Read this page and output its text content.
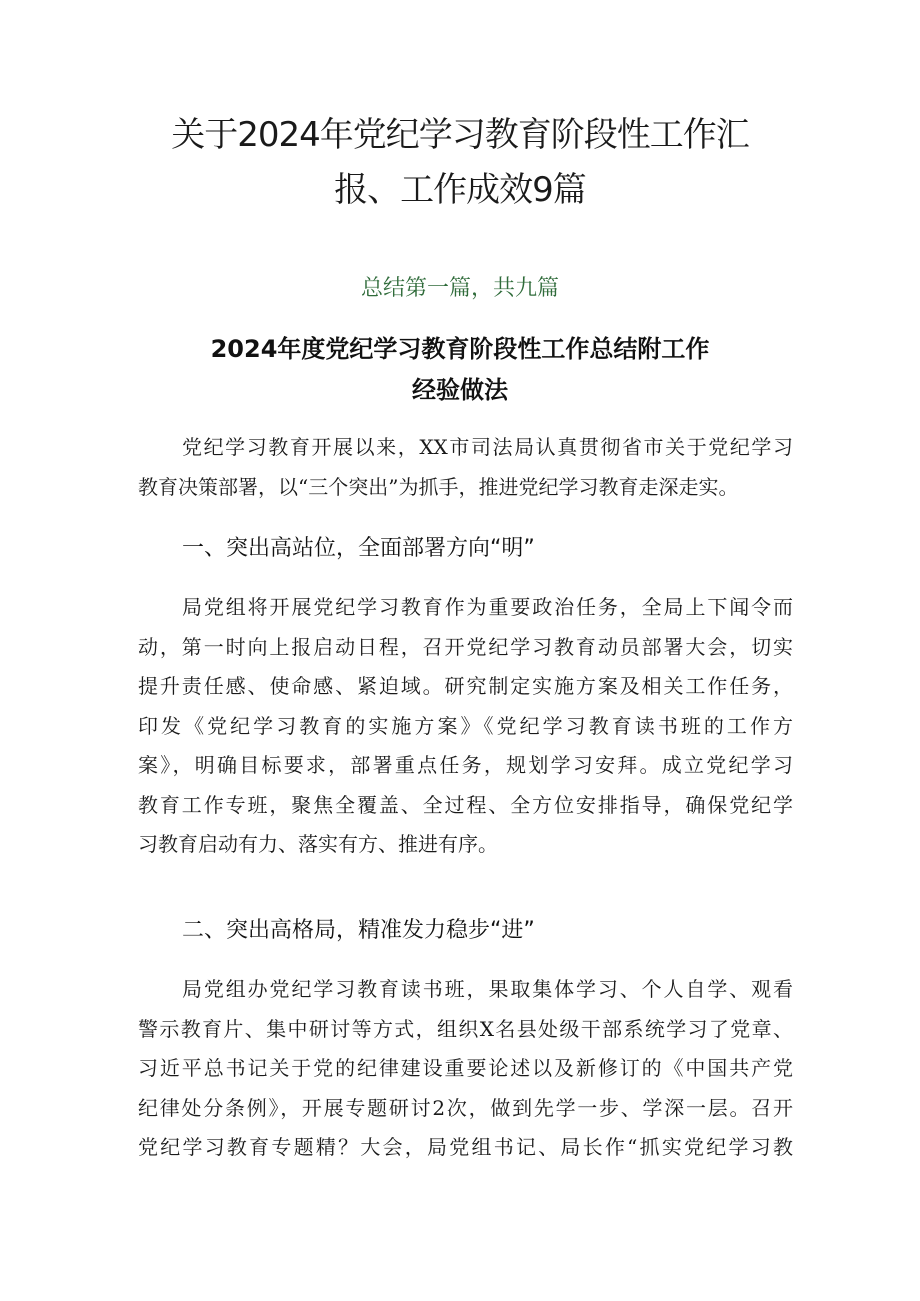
关于2024年党纪学习教育阶段性工作汇
报、工作成效9篇
总结第一篇，共九篇
2024年度党纪学习教育阶段性工作总结附工作
经验做法
党纪学习教育开展以来，XX市司法局认真贯彻省市关于党纪学习
教育决策部署，以“三个突出”为抓手，推进党纪学习教育走深走实。
一、突出高站位，全面部署方向“明”
局党组将开展党纪学习教育作为重要政治任务，全局上下闻令而
动，第一时向上报启动日程，召开党纪学习教育动员部署大会，切实
提升责任感、使命感、紧迫域。研究制定实施方案及相关工作任务，
印发《党纪学习教育的实施方案》《党纪学习教育读书班的工作方
案》，明确目标要求，部署重点任务，规划学习安拜。成立党纪学习
教育工作专班，聚焦全覆盖、全过程、全方位安排指导，确保党纪学
习教育启动有力、落实有方、推进有序。
二、突出高格局，精准发力稳步“进”
局党组办党纪学习教育读书班，果取集体学习、个人自学、观看
警示教育片、集中研讨等方式，组织X名县处级干部系统学习了党章、
习近平总书记关于党的纪律建设重要论述以及新修订的《中国共产党
纪律处分条例》，开展专题研讨2次，做到先学一步、学深一层。召开
党纪学习教育专题精？大会，局党组书记、局长作“抓实党纪学习教
